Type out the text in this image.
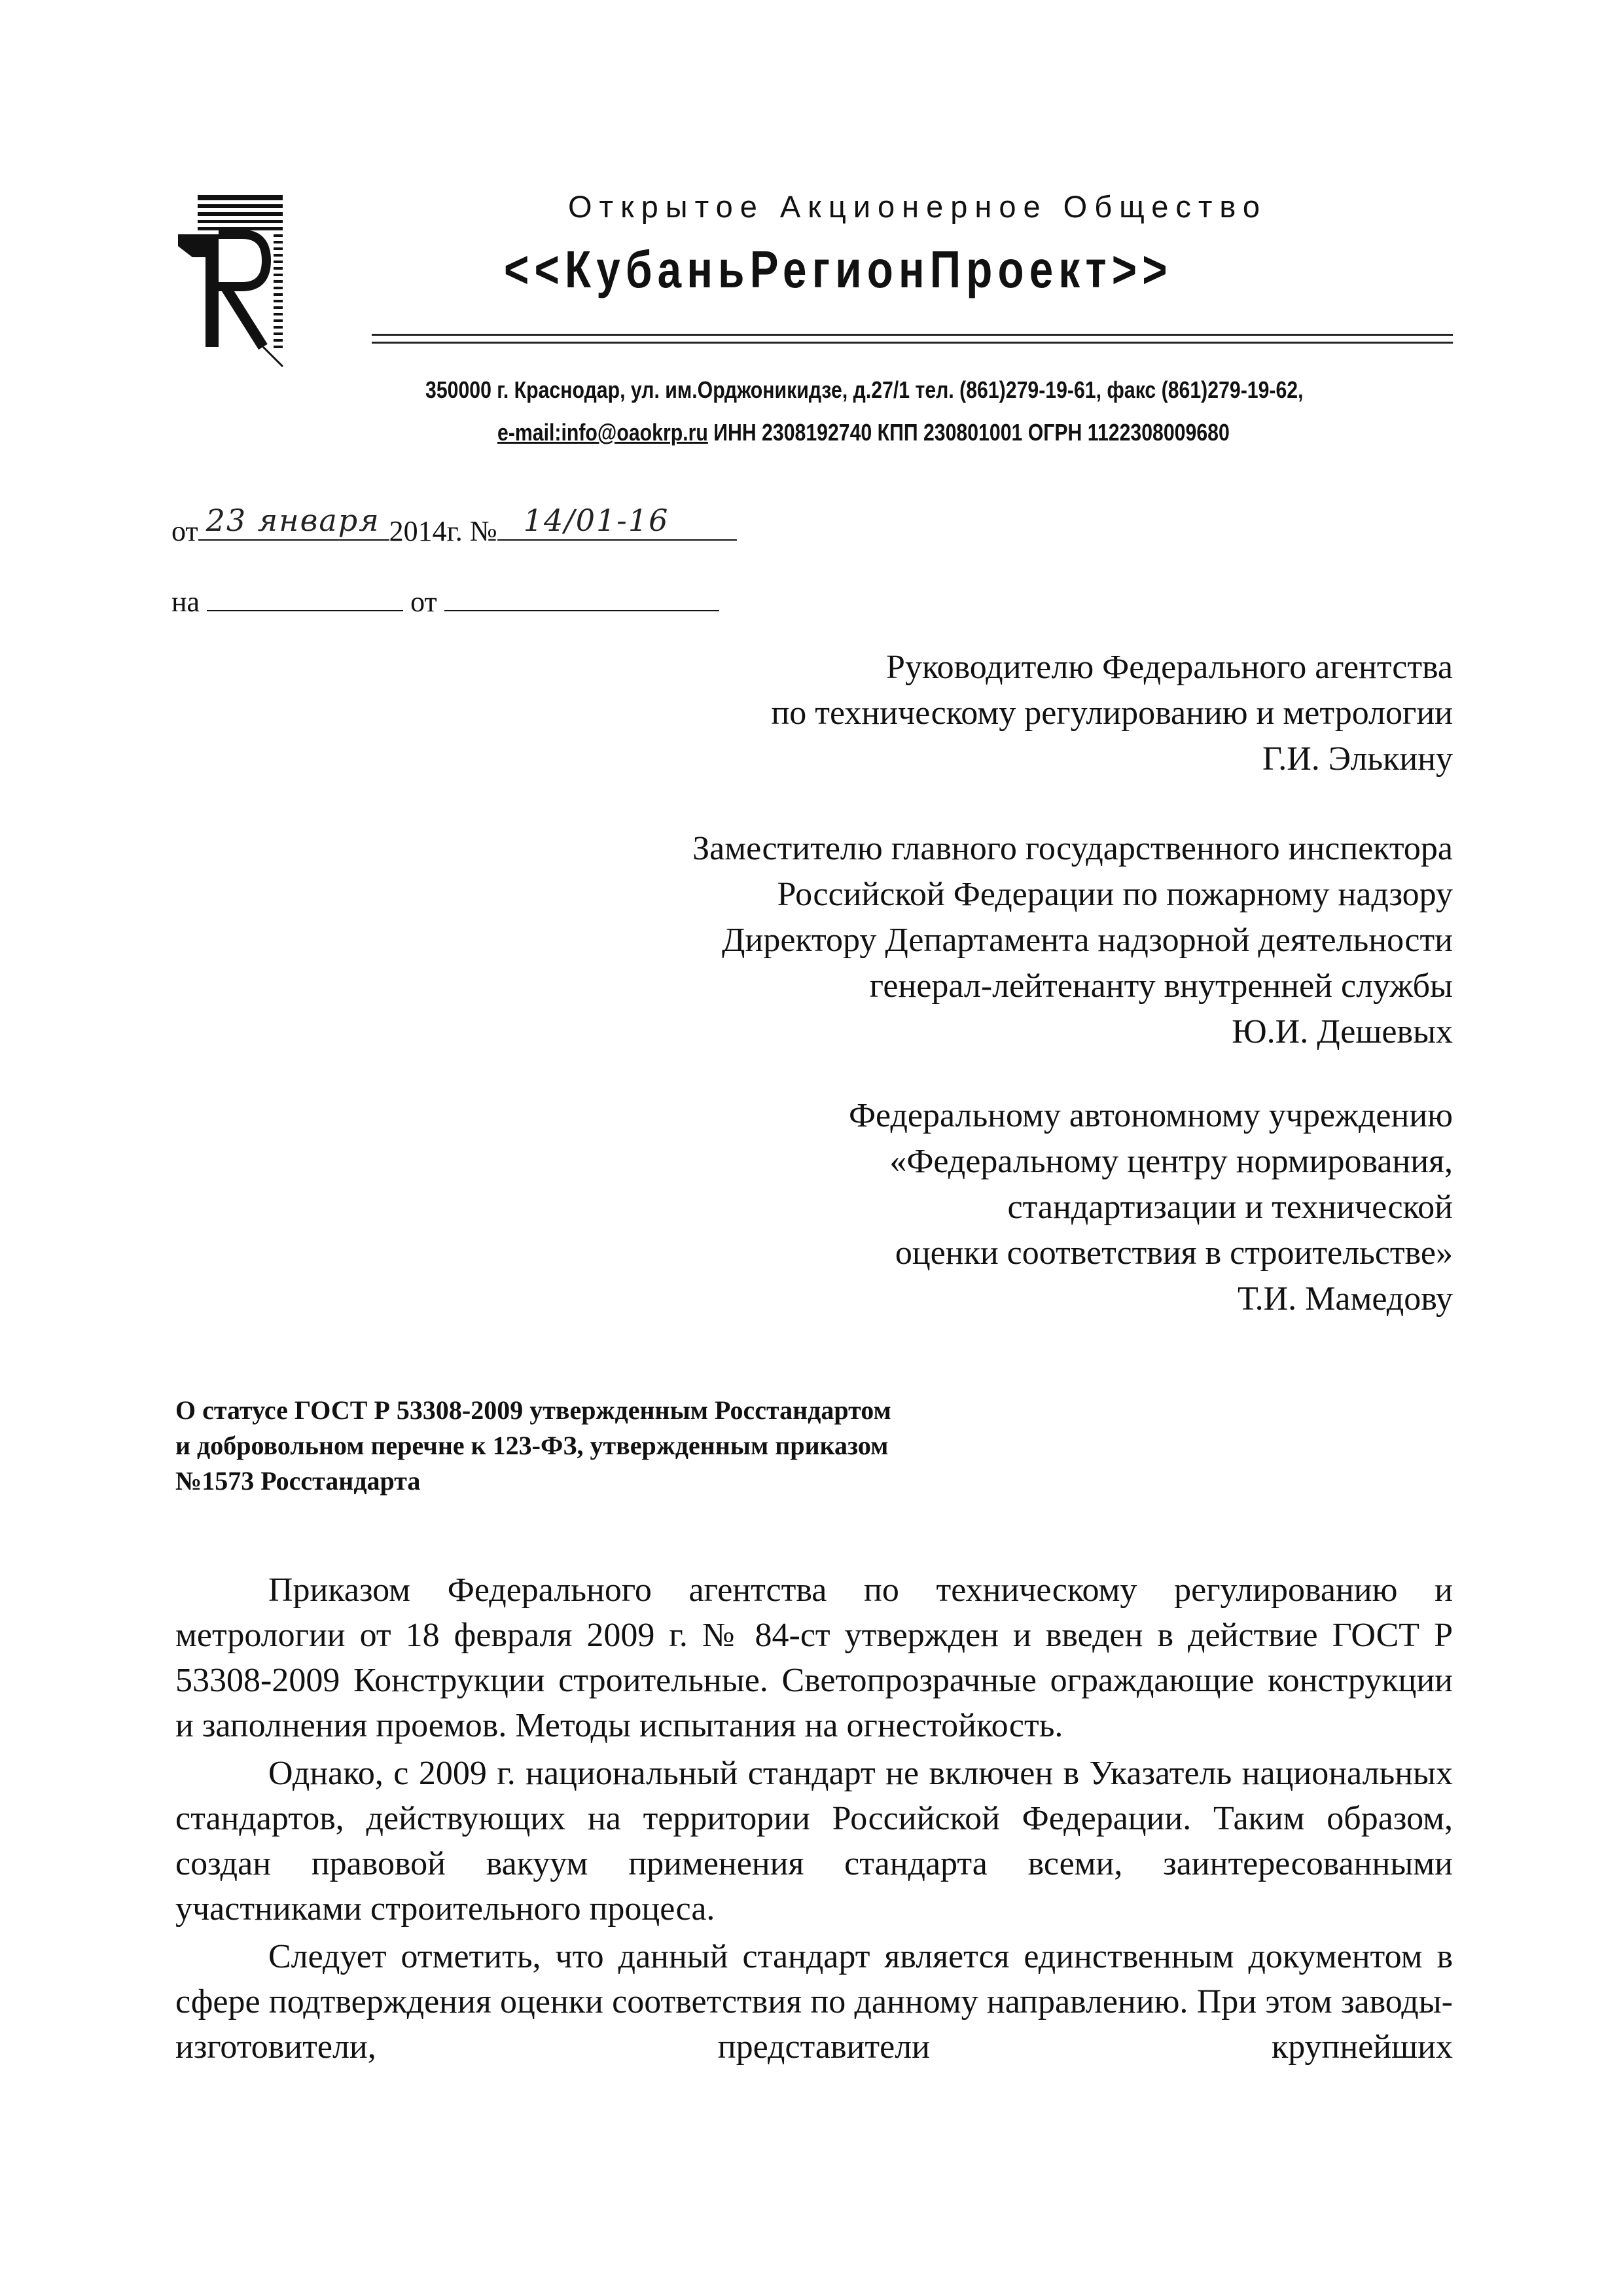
Открытое Акционерное Общество
<<КубаньРегионПроект>>
350000 г. Краснодар, ул. им.Орджоникидзе, д.27/1 тел. (861)279-19-61, факс (861)279-19-62,
e-mail:info@oaokrp.ru ИНН 2308192740 КПП 230801001 ОГРН 1122308009680
от 23 января 2014г. № 14/01-16
на	от
Руководителю Федерального агентства
по техническому регулированию и метрологии
Г.И. Элькину
Заместителю главного государственного инспектора
Российской Федерации по пожарному надзору
Директору Департамента надзорной деятельности
генерал-лейтенанту внутренней службы
Ю.И. Дешевых
Федеральному автономному учреждению
«Федеральному центру нормирования,
стандартизации и технической
оценки соответствия в строительстве»
Т.И. Мамедову
О статусе ГОСТ Р 53308-2009 утвержденным Росстандартом
и добровольном перечне к 123-ФЗ, утвержденным приказом
№1573 Росстандарта

Приказом Федерального агентства по техническому регулированию и метрологии от 18 февраля 2009 г. № 84-ст утвержден и введен в действие ГОСТ Р 53308-2009 Конструкции строительные. Светопрозрачные ограждающие конструкции и заполнения проемов. Методы испытания на огнестойкость.

Однако, с 2009 г. национальный стандарт не включен в Указатель национальных стандартов, действующих на территории Российской Федерации. Таким образом, создан правовой вакуум применения стандарта всеми, заинтересованными участниками строительного процеса.

Следует отметить, что данный стандарт является единственным документом в сфере подтверждения оценки соответствия по данному направлению. При этом заводы-изготовители, представители крупнейших
